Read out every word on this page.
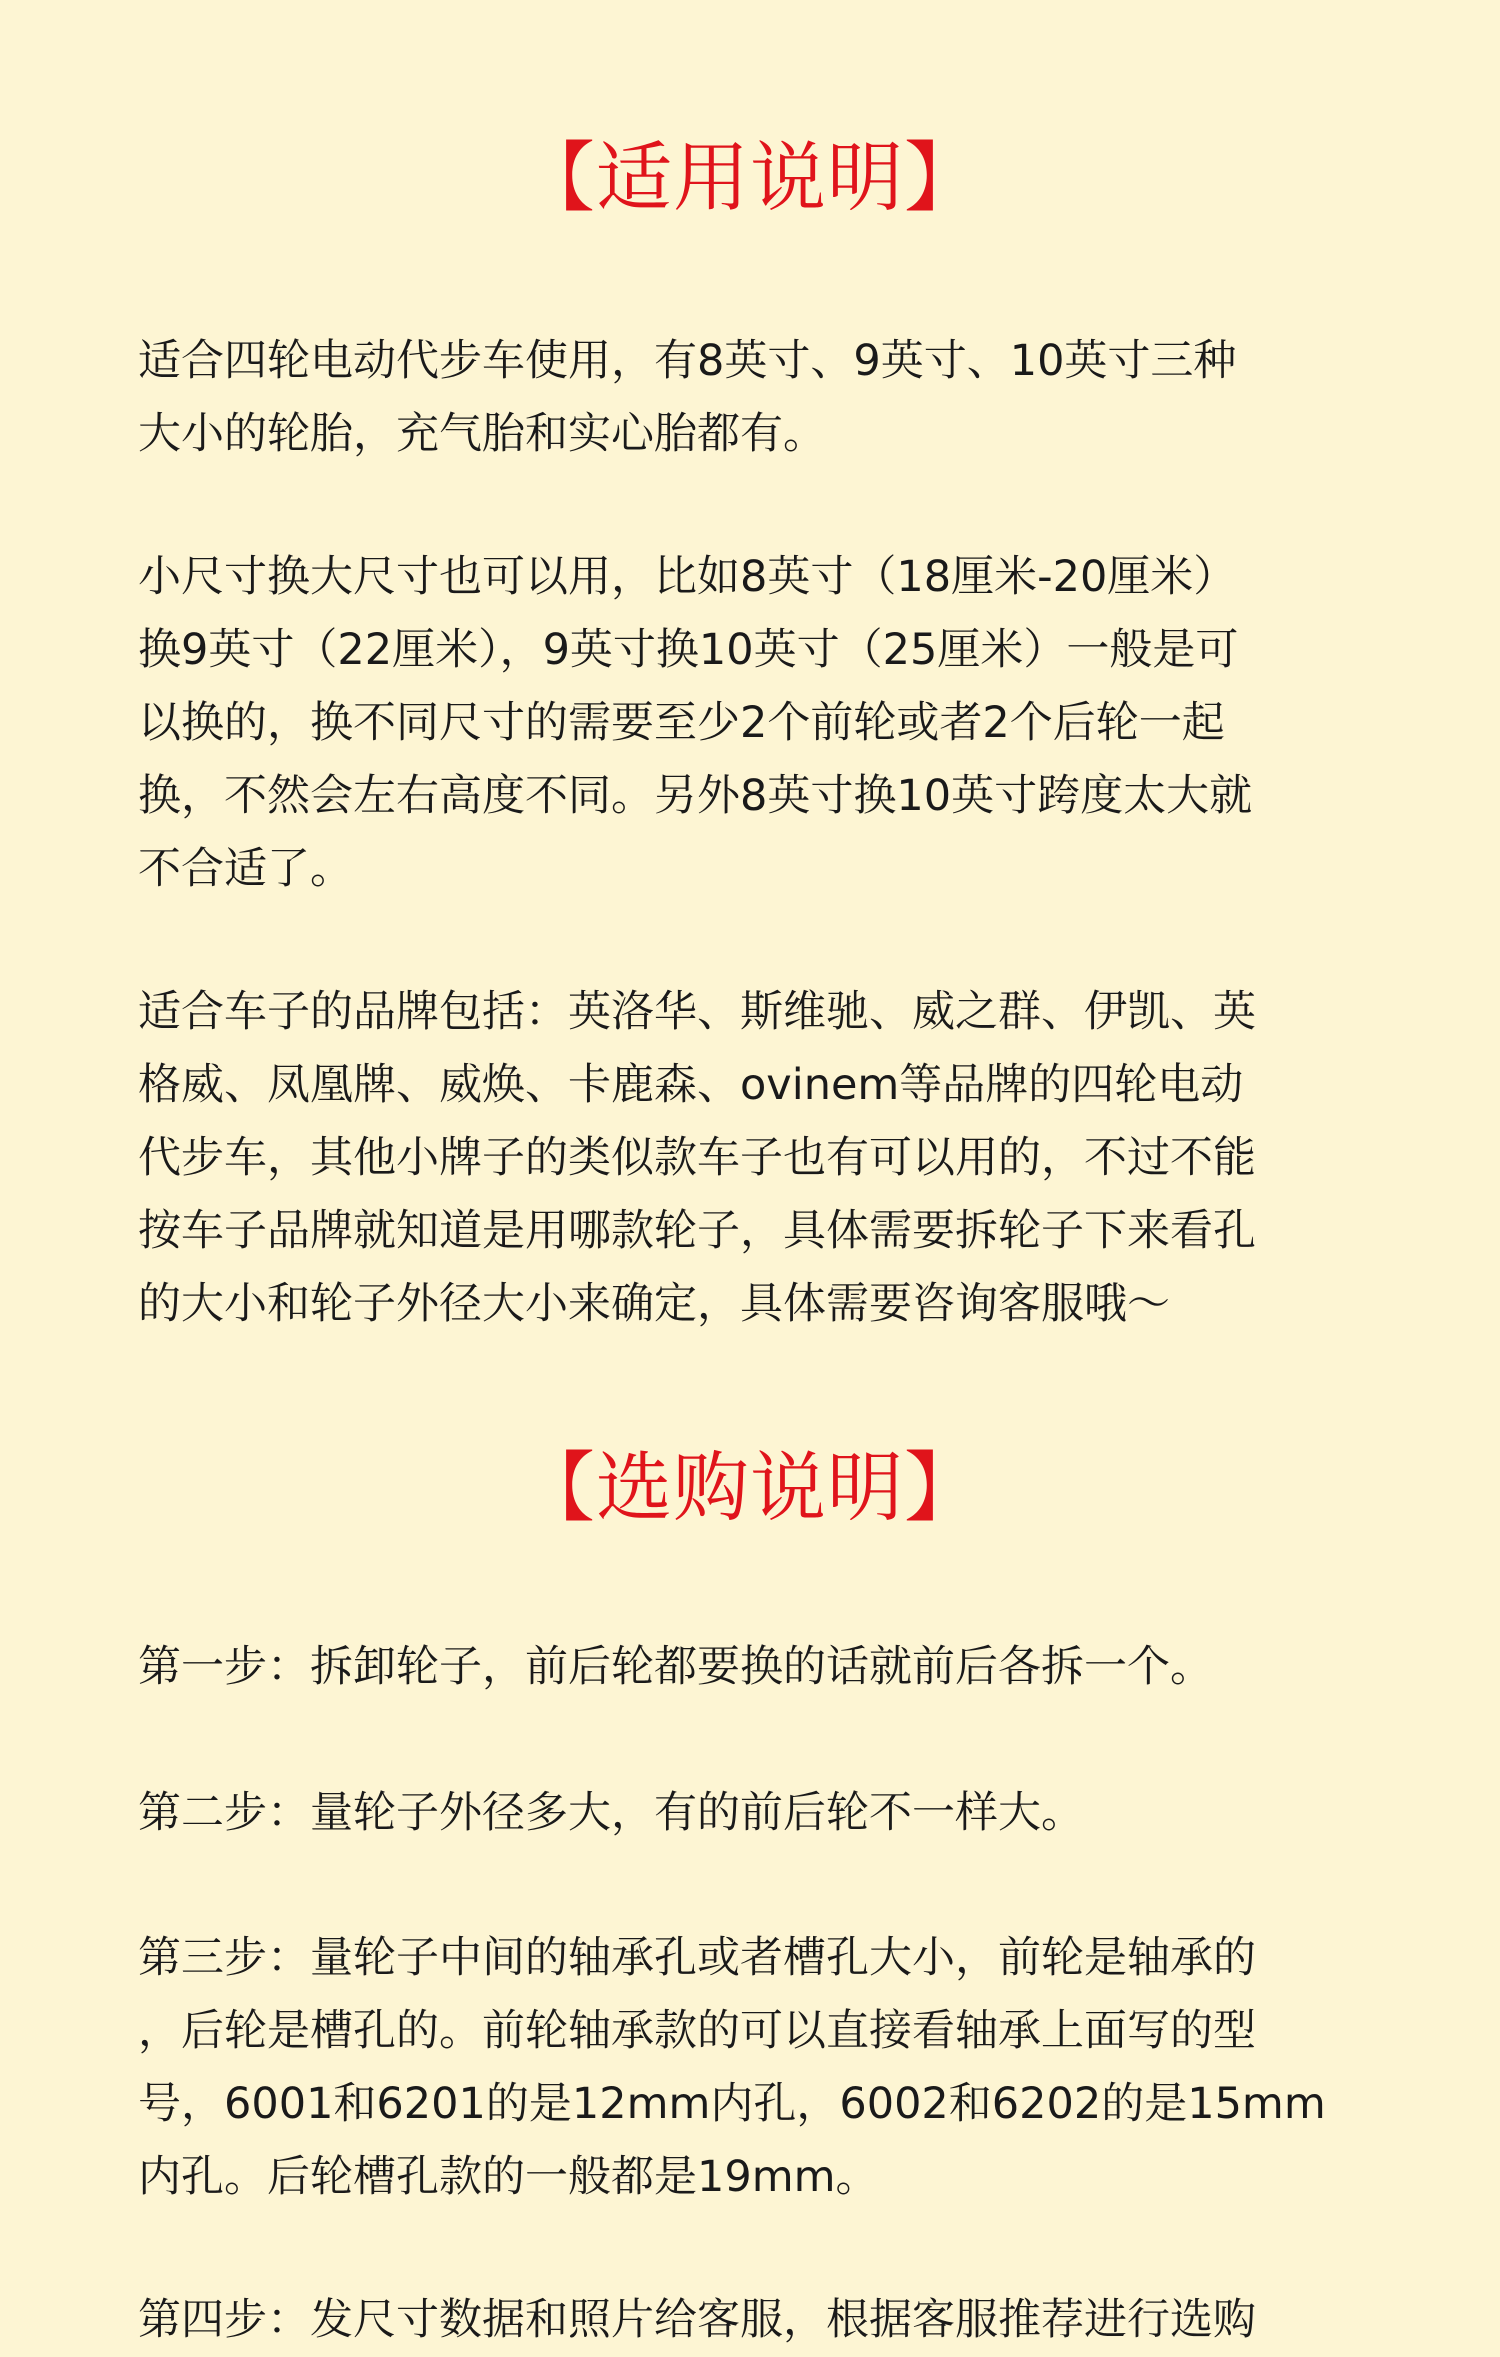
【适用说明】

适合四轮电动代步车使用，有8英寸、9英寸、10英寸三种
大小的轮胎，充气胎和实心胎都有。

小尺寸换大尺寸也可以用，比如8英寸（18厘米-20厘米）
换9英寸（22厘米），9英寸换10英寸（25厘米）一般是可
以换的，换不同尺寸的需要至少2个前轮或者2个后轮一起
换，不然会左右高度不同。另外8英寸换10英寸跨度太大就
不合适了。

适合车子的品牌包括：英洛华、斯维驰、威之群、伊凯、英
格威、凤凰牌、威焕、卡鹿森、ovinem等品牌的四轮电动
代步车，其他小牌子的类似款车子也有可以用的，不过不能
按车子品牌就知道是用哪款轮子，具体需要拆轮子下来看孔
的大小和轮子外径大小来确定，具体需要咨询客服哦～

【选购说明】

第一步：拆卸轮子，前后轮都要换的话就前后各拆一个。

第二步：量轮子外径多大，有的前后轮不一样大。

第三步：量轮子中间的轴承孔或者槽孔大小，前轮是轴承的
，后轮是槽孔的。前轮轴承款的可以直接看轴承上面写的型
号，6001和6201的是12mm内孔，6002和6202的是15mm
内孔。后轮槽孔款的一般都是19mm。

第四步：发尺寸数据和照片给客服，根据客服推荐进行选购
